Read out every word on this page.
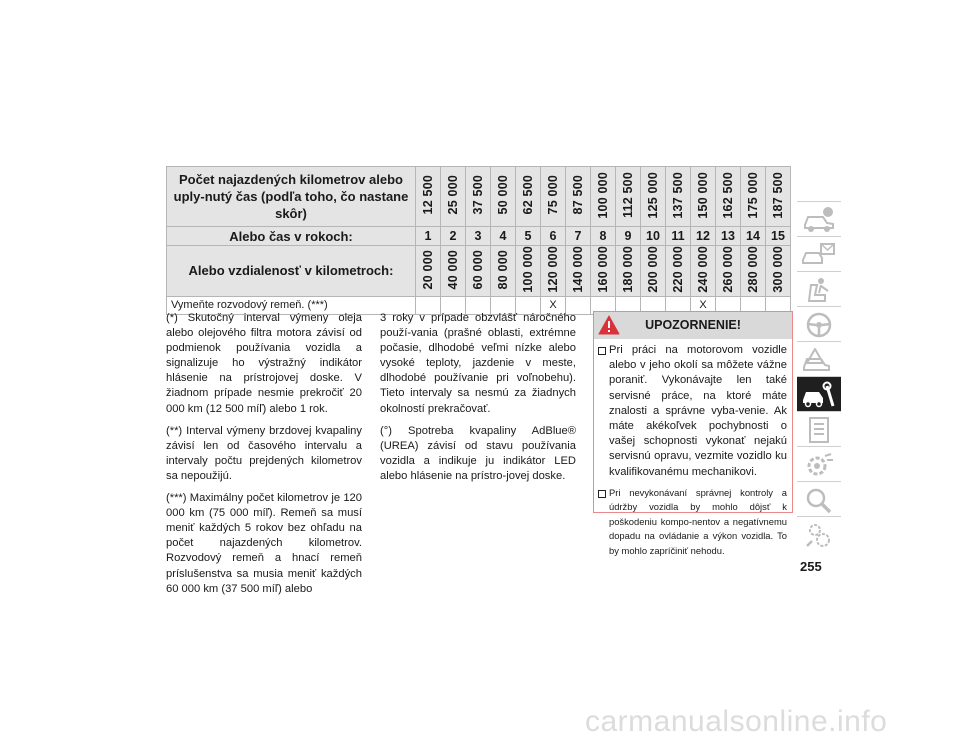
Počet najazdených kilometrov alebo uply-nutý čas (podľa toho, čo nastane skôr)	12 500	25 000	37 500	50 000	62 500	75 000	87 500	100 000	112 500	125 000	137 500	150 000	162 500	175 000	187 500
Alebo čas v rokoch:	1	2	3	4	5	6	7	8	9	10	11	12	13	14	15
Alebo vzdialenosť v kilometroch:	20 000	40 000	60 000	80 000	100 000	120 000	140 000	160 000	180 000	200 000	220 000	240 000	260 000	280 000	300 000
Vymeňte rozvodový remeň. (***)						X						X			

(*) Skutočný interval výmeny oleja alebo olejového filtra motora závisí od podmienok používania vozidla a signalizuje ho výstražný indikátor hlásenie na prístrojovej doske. V žiadnom prípade nesmie prekročiť 20 000 km (12 500 míľ) alebo 1 rok.

(**) Interval výmeny brzdovej kvapaliny závisí len od časového intervalu a intervaly počtu prejdených kilometrov sa nepoužijú.

(***) Maximálny počet kilometrov je 120 000 km (75 000 míľ). Remeň sa musí meniť každých 5 rokov bez ohľadu na počet najazdených kilometrov. Rozvodový remeň a hnací remeň príslušenstva sa musia meniť každých 60 000 km (37 500 míľ) alebo

3 roky v prípade obzvlášť náročného použí-vania (prašné oblasti, extrémne počasie, dlhodobé veľmi nízke alebo vysoké teploty, jazdenie v meste, dlhodobé používanie pri voľnobehu). Tieto intervaly sa nesmú za žiadnych okolností prekračovať.

(°) Spotreba kvapaliny AdBlue® (UREA) závisí od stavu používania vozidla a indikuje ju indikátor LED alebo hlásenie na prístro-jovej doske.

UPOZORNENIE!
Pri práci na motorovom vozidle alebo v jeho okolí sa môžete vážne poraniť. Vykonávajte len také servisné práce, na ktoré máte znalosti a správne vyba-venie. Ak máte akékoľvek pochybnosti o vašej schopnosti vykonať nejakú servisnú opravu, vezmite vozidlo ku kvalifikovanému mechanikovi.
Pri nevykonávaní správnej kontroly a údržby vozidla by mohlo dôjsť k poškodeniu kompo-nentov a negatívnemu dopadu na ovládanie a výkon vozidla. To by mohlo zapríčiniť nehodu.
255
carmanualsonline.info
